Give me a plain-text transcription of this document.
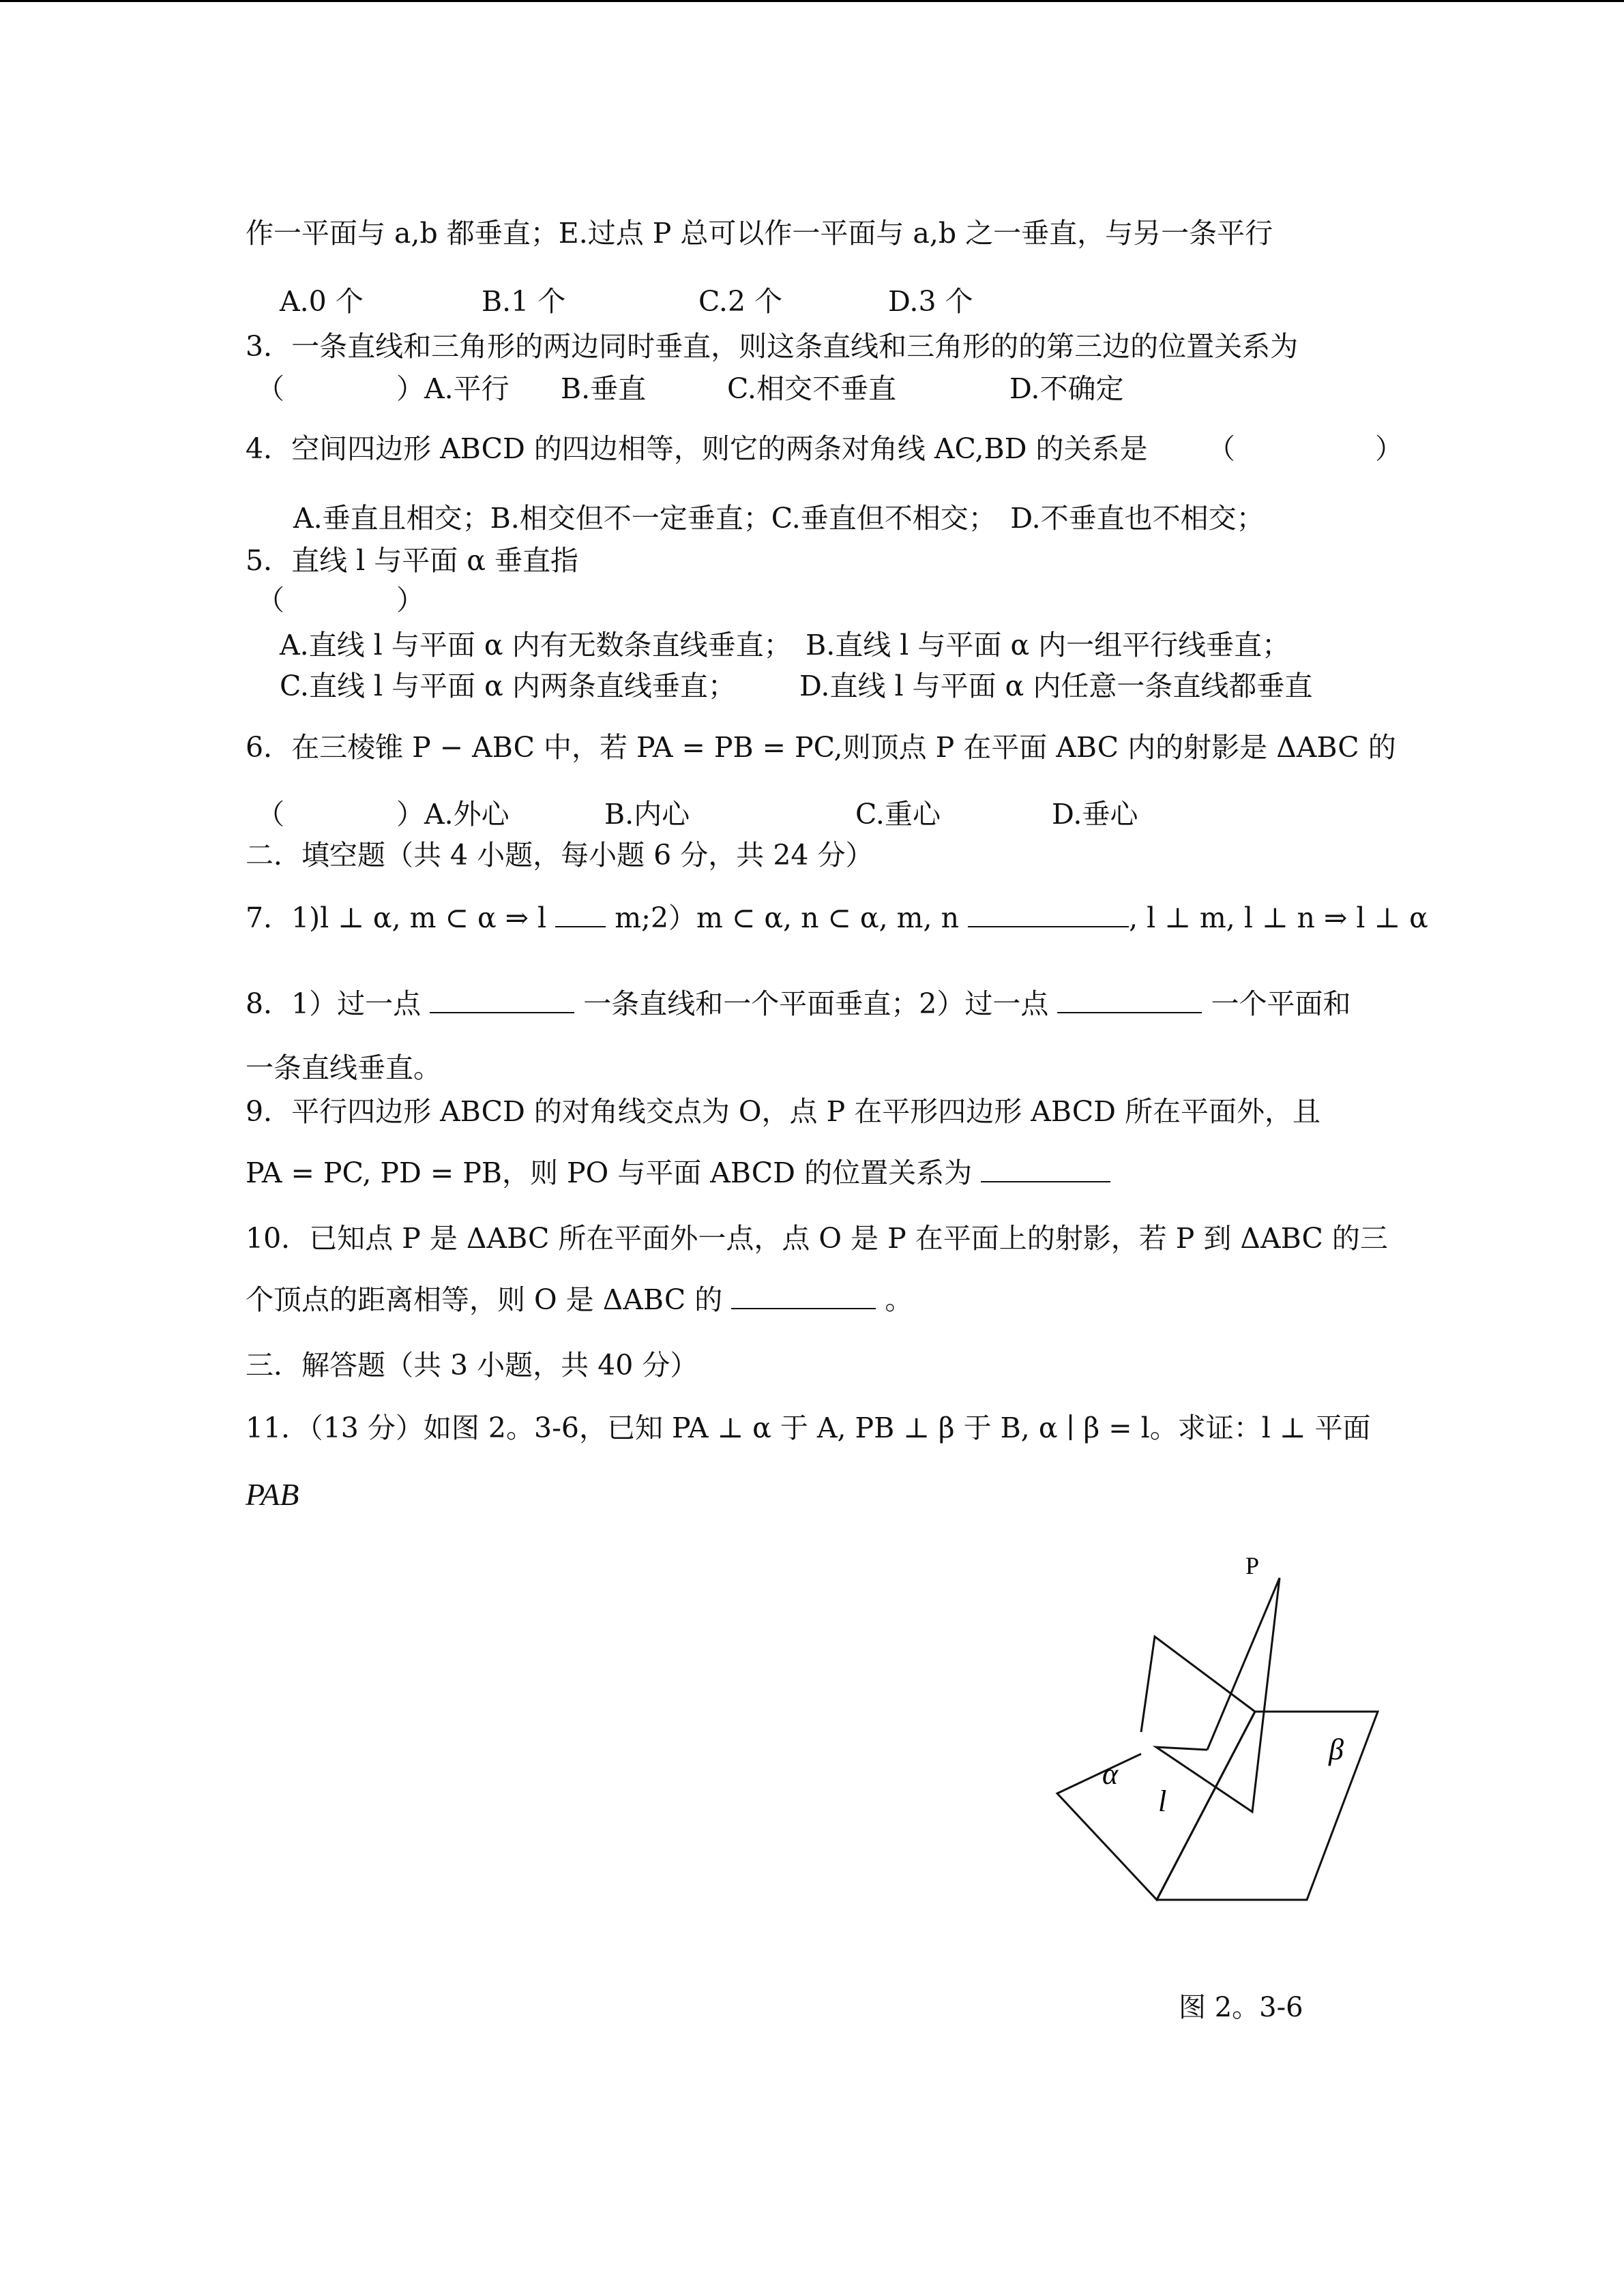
作一平面与 a,b 都垂直；E.过点 P 总可以作一平面与 a,b 之一垂直，与另一条平行
A.0 个	B.1 个	C.2 个	D.3 个
3．一条直线和三角形的两边同时垂直，则这条直线和三角形的的第三边的位置关系为
（　　　　）A.平行 B.垂直	C.相交不垂直	D.不确定
4．空间四边形 ABCD 的四边相等，则它的两条对角线 AC,BD 的关系是 （　　　　　）
A.垂直且相交；B.相交但不一定垂直；C.垂直但不相交；　D.不垂直也不相交；
5．直线 l 与平面 α 垂直指
（　　　　）
A.直线 l 与平面 α 内有无数条直线垂直；　B.直线 l 与平面 α 内一组平行线垂直；
C.直线 l 与平面 α 内两条直线垂直； D.直线 l 与平面 α 内任意一条直线都垂直
6．在三棱锥 P − ABC 中，若 PA = PB = PC,则顶点 P 在平面 ABC 内的射影是 ΔABC 的
（　　　　）A.外心	B.内心	C.重心	D.垂心
二．填空题（共 4 小题，每小题 6 分，共 24 分）
7．1)l ⊥ α, m ⊂ α ⇒ l m;2）m ⊂ α, n ⊂ α, m, n	, l ⊥ m, l ⊥ n ⇒ l ⊥ α
8．1）过一点	一条直线和一个平面垂直；2）过一点	一个平面和
一条直线垂直。
9．平行四边形 ABCD 的对角线交点为 O，点 P 在平形四边形 ABCD 所在平面外，且
PA = PC, PD = PB，则 PO 与平面 ABCD 的位置关系为
10．已知点 P 是 ΔABC 所在平面外一点，点 O 是 P 在平面上的射影，若 P 到 ΔABC 的三
个顶点的距离相等，则 O 是 ΔABC 的	。
三．解答题（共 3 小题，共 40 分）
11．（13 分）如图 2。3-6，已知 PA ⊥ α 于 A, PB ⊥ β 于 B, α ∣ β = l。求证：l ⊥ 平面
PAB
P
α
β
l
图 2。3-6
